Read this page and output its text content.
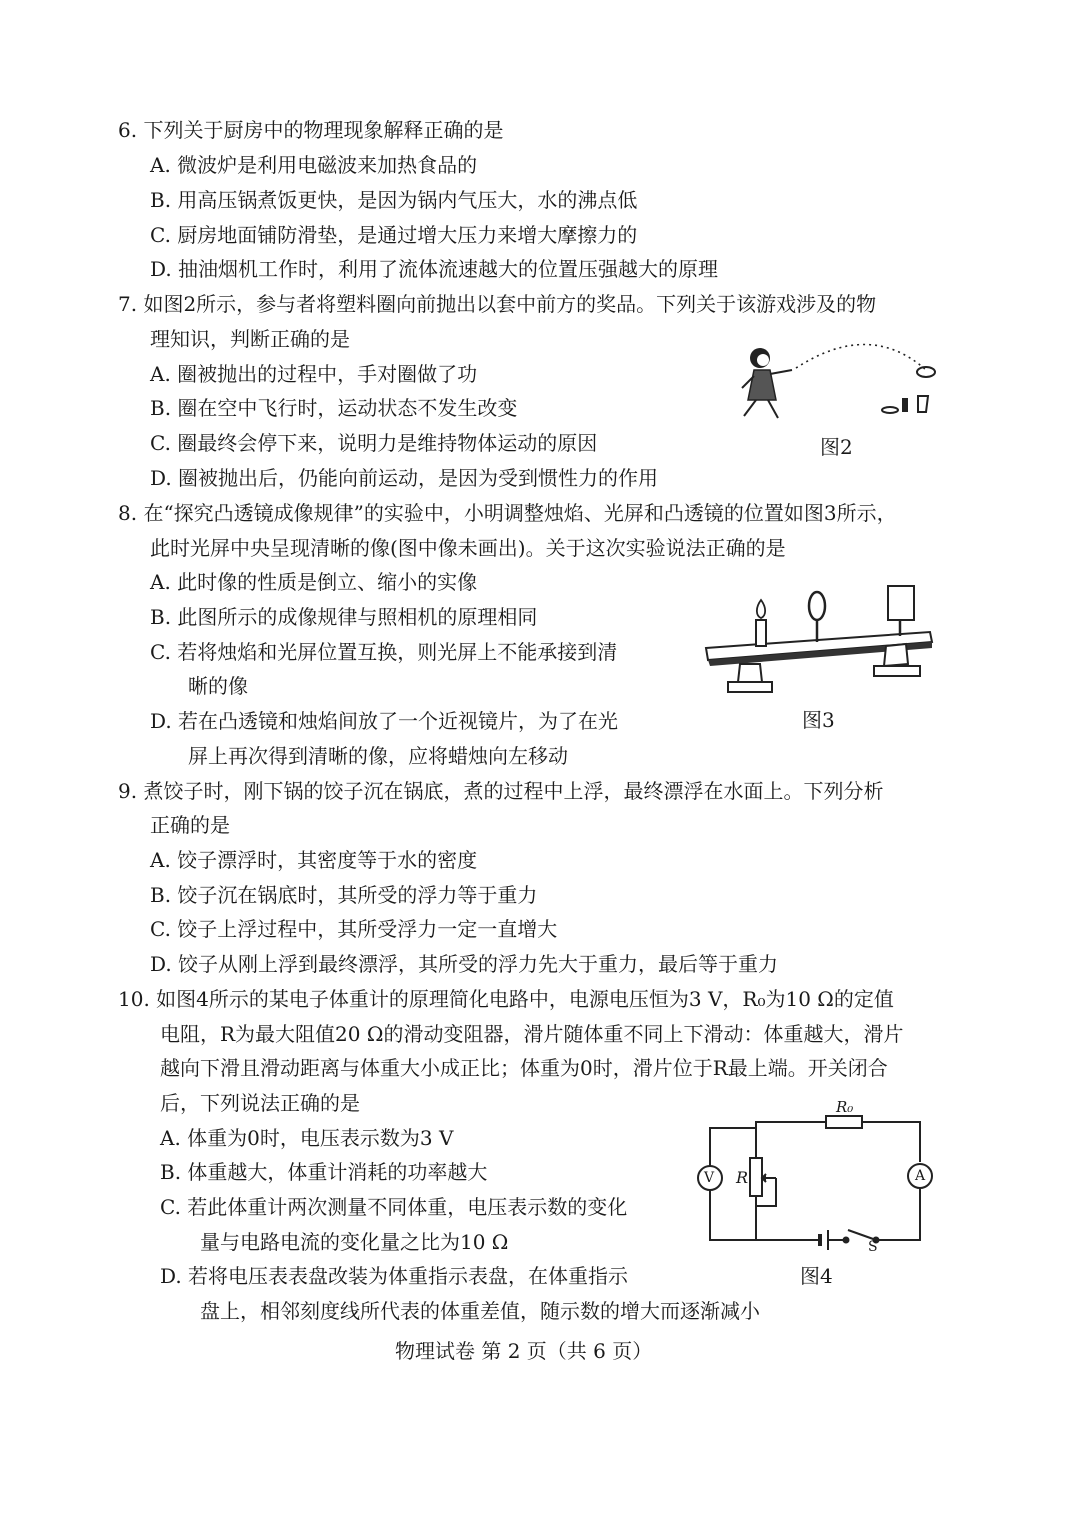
6. 下列关于厨房中的物理现象解释正确的是
A. 微波炉是利用电磁波来加热食品的
B. 用高压锅煮饭更快，是因为锅内气压大，水的沸点低
C. 厨房地面铺防滑垫，是通过增大压力来增大摩擦力的
D. 抽油烟机工作时，利用了流体流速越大的位置压强越大的原理
7. 如图2所示，参与者将塑料圈向前抛出以套中前方的奖品。下列关于该游戏涉及的物
理知识，判断正确的是
A. 圈被抛出的过程中，手对圈做了功
B. 圈在空中飞行时，运动状态不发生改变
C. 圈最终会停下来，说明力是维持物体运动的原因
D. 圈被抛出后，仍能向前运动，是因为受到惯性力的作用
图2
8. 在“探究凸透镜成像规律”的实验中，小明调整烛焰、光屏和凸透镜的位置如图3所示，
此时光屏中央呈现清晰的像(图中像未画出)。关于这次实验说法正确的是
A. 此时像的性质是倒立、缩小的实像
B. 此图所示的成像规律与照相机的原理相同
C. 若将烛焰和光屏位置互换，则光屏上不能承接到清
晰的像
D. 若在凸透镜和烛焰间放了一个近视镜片，为了在光
屏上再次得到清晰的像，应将蜡烛向左移动
图3
9. 煮饺子时，刚下锅的饺子沉在锅底，煮的过程中上浮，最终漂浮在水面上。下列分析
正确的是
A. 饺子漂浮时，其密度等于水的密度
B. 饺子沉在锅底时，其所受的浮力等于重力
C. 饺子上浮过程中，其所受浮力一定一直增大
D. 饺子从刚上浮到最终漂浮，其所受的浮力先大于重力，最后等于重力
10. 如图4所示的某电子体重计的原理简化电路中，电源电压恒为3 V，R₀为10 Ω的定值
电阻，R为最大阻值20 Ω的滑动变阻器，滑片随体重不同上下滑动：体重越大，滑片
越向下滑且滑动距离与体重大小成正比；体重为0时，滑片位于R最上端。开关闭合
后，下列说法正确的是
A. 体重为0时，电压表示数为3 V
B. 体重越大，体重计消耗的功率越大
C. 若此体重计两次测量不同体重，电压表示数的变化
量与电路电流的变化量之比为10 Ω
D. 若将电压表表盘改装为体重指示表盘，在体重指示
盘上，相邻刻度线所代表的体重差值，随示数的增大而逐渐减小
R₀
R
V	A
S
图4
物理试卷 第 2 页（共 6 页）
